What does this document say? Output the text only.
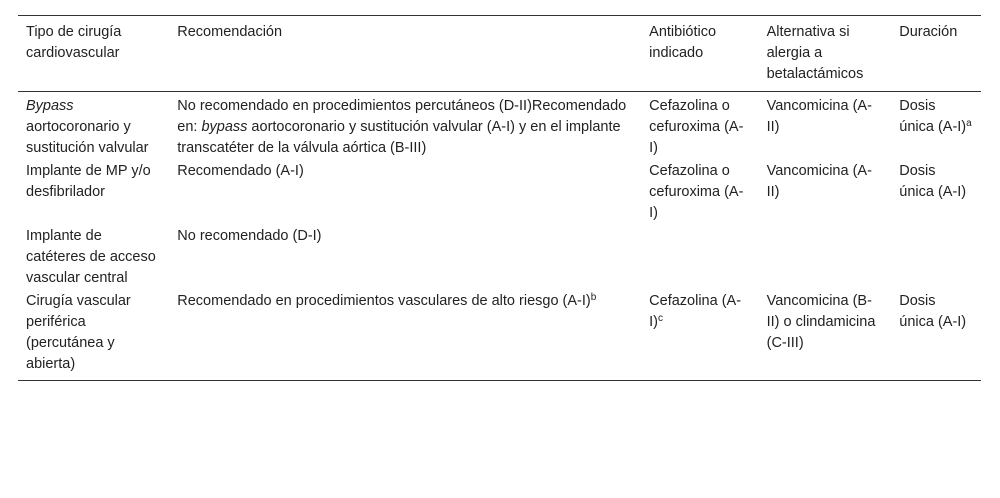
Tipo de cirugía cardiovascular	Recomendación	Antibiótico indicado	Alternativa si alergia a betalactámicos	Duración
Bypass aortocoronario y sustitución valvular	No recomendado en procedimientos percutáneos (D-II)Recomendado en: bypass aortocoronario y sustitución valvular (A-I) y en el implante transcatéter de la válvula aórtica (B-III)	Cefazolina o cefuroxima (A-I)	Vancomicina (A-II)	Dosis única $(A-I)^a$
Implante de MP y/o desfibrilador	Recomendado (A-I)	Cefazolina o cefuroxima (A-I)	Vancomicina (A-II)	Dosis única (A-I)
Implante de catéteres de acceso vascular central	No recomendado (D-I)			
Cirugía vascular periférica (percutánea y abierta)	Recomendado en procedimientos vasculares de alto riesgo $(A-I)^b$	Cefazolina $(A-I)^c$	Vancomicina (B-II) o clindamicina (C-III)	Dosis única (A-I)
